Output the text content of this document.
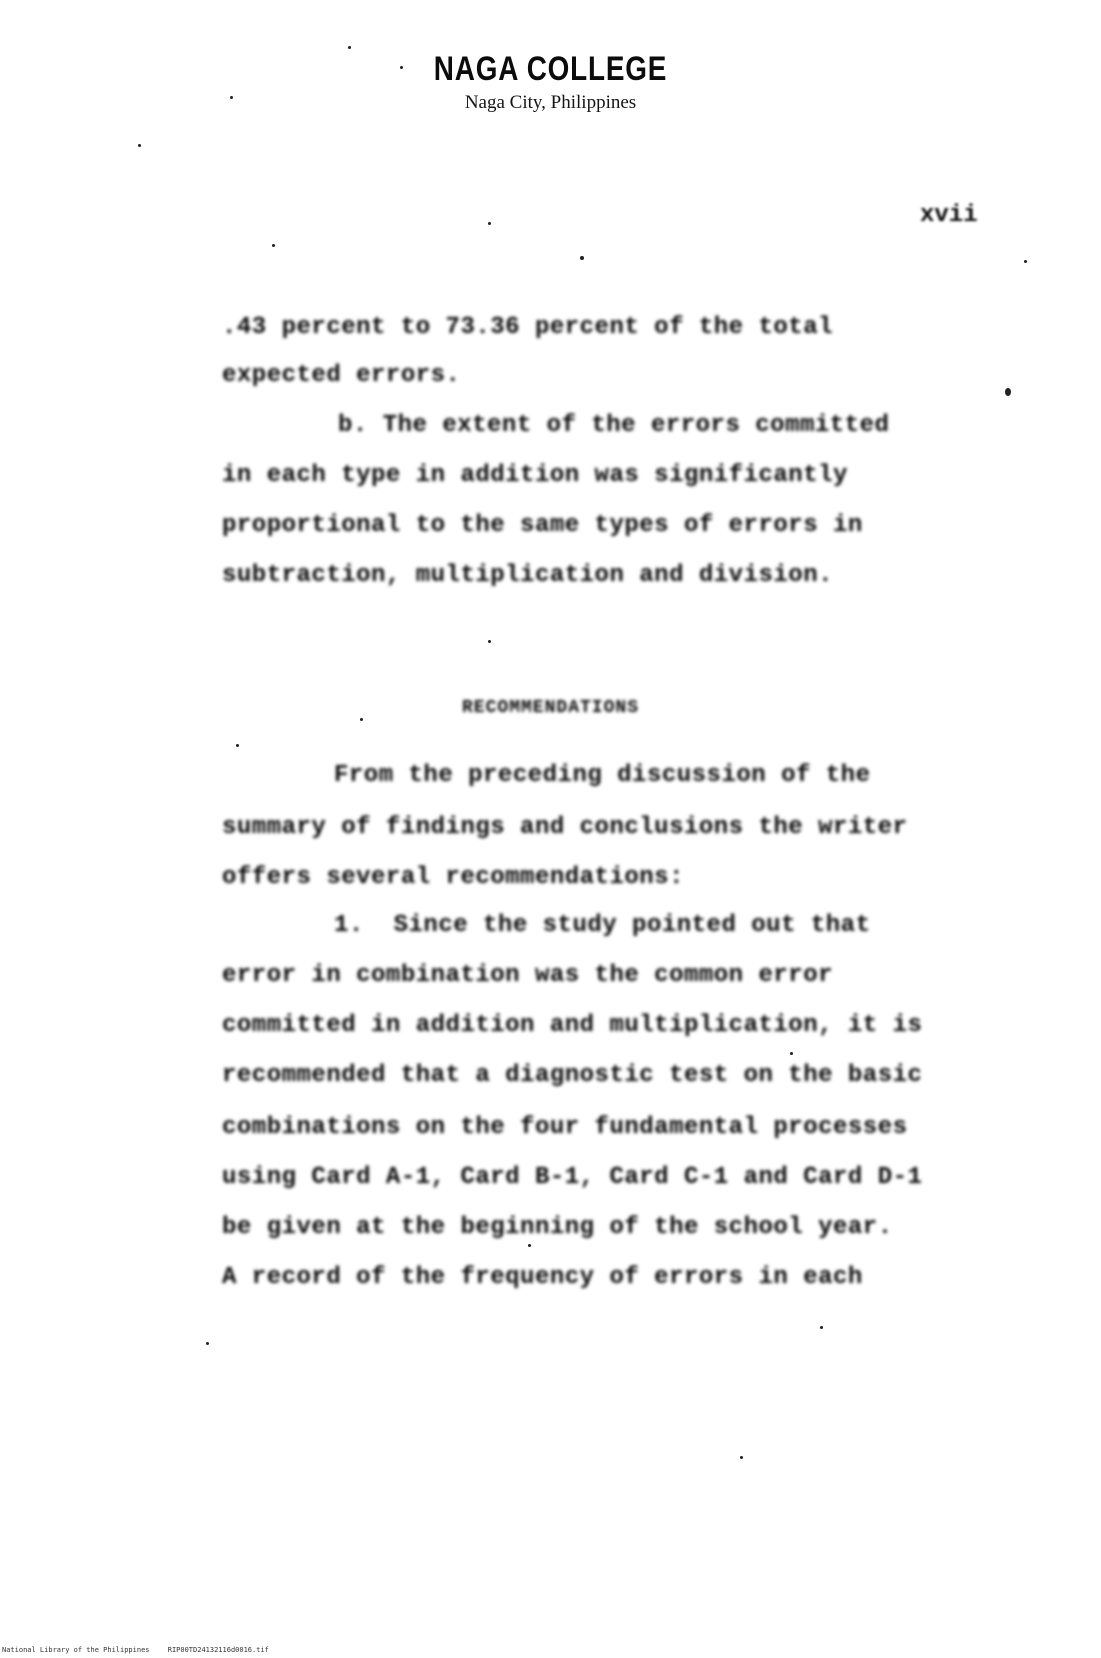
NAGA COLLEGE
Naga City, Philippines
xvii
.43 percent to 73.36 percent of the total
expected errors.
b. The extent of the errors committed
in each type in addition was significantly
proportional to the same types of errors in
subtraction, multiplication and division.
RECOMMENDATIONS
From the preceding discussion of the
summary of findings and conclusions the writer
offers several recommendations:
1.  Since the study pointed out that
error in combination was the common error
committed in addition and multiplication, it is
recommended that a diagnostic test on the basic
combinations on the four fundamental processes
using Card A-1, Card B-1, Card C-1 and Card D-1
be given at the beginning of the school year.
A record of the frequency of errors in each
National Library of the Philippines	RIP00TD24132116d0016.tif
